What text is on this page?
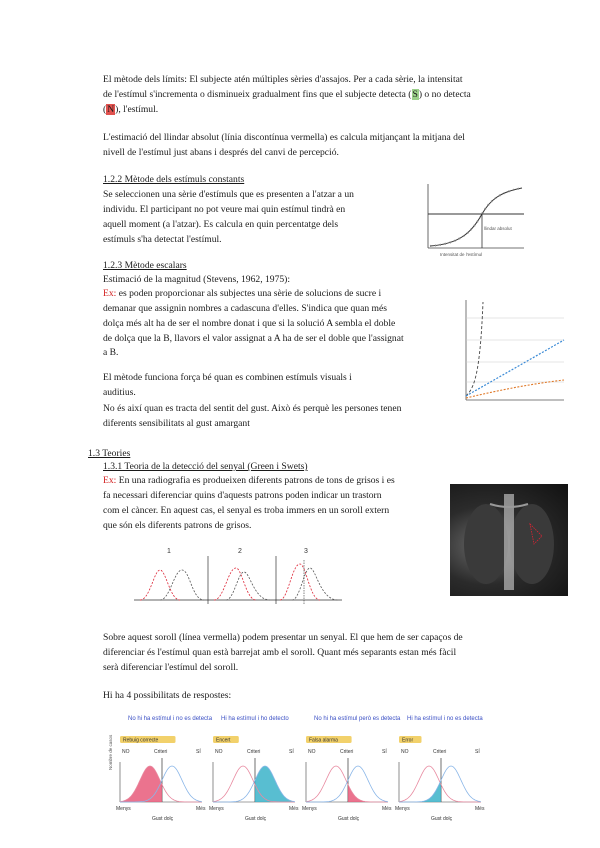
El mètode dels límits: El subjecte atén múltiples sèries d'assajos. Per a cada sèrie, la intensitat

de l'estímul s'incrementa o disminueix gradualment fins que el subjecte detecta (S) o no detecta

(N), l'estímul.

L'estimació del llindar absolut (línia discontínua vermella) es calcula mitjançant la mitjana del

nivell de l'estímul just abans i després del canvi de percepció.

1.2.2 Mètode dels estímuls constants

Se seleccionen una sèrie d'estímuls que es presenten a l'atzar a un

individu. El participant no pot veure mai quin estímul tindrà en

aquell moment (a l'atzar). Es calcula en quin percentatge dels

estímuls s'ha detectat l'estímul.

llindar absolut
Intensitat de l'estímul

1.2.3 Mètode escalars

Estimació de la magnitud (Stevens, 1962, 1975):

Ex: es poden proporcionar als subjectes una sèrie de solucions de sucre i

demanar que assignin nombres a cadascuna d'elles. S'indica que quan més

dolça més alt ha de ser el nombre donat i que si la solució A sembla el doble

de dolça que la B, llavors el valor assignat a A ha de ser el doble que l'assignat

a B.

El mètode funciona força bé quan es combinen estímuls visuals i

auditius.

No és així quan es tracta del sentit del gust. Això és perquè les persones tenen

diferents sensibilitats al gust amargant

1.3 Teories

1.3.1 Teoria de la detecció del senyal (Green i Swets)

Ex: En una radiografia es produeixen diferents patrons de tons de grisos i es

fa necessari diferenciar quins d'aquests patrons poden indicar un trastorn

com el càncer. En aquest cas, el senyal es troba immers en un soroll extern

que són els diferents patrons de grisos.

1	2	3

Sobre aquest soroll (línea vermella) podem presentar un senyal. El que hem de ser capaços de

diferenciar és l'estímul quan està barrejat amb el soroll. Quant més separants estan més fàcil

serà diferenciar l'estímul del soroll.

Hi ha 4 possibilitats de respostes:

No hi ha estímul i no es detecta
Rebuig correcte
NO	Criteri	SÍ
Menys	Més
Gust dolç
Hi ha estímul i ho detecto
Encert
NO	Criteri	SÍ
Menys	Més
Gust dolç
No hi ha estímul però es detecta
Falsa alarma
NO	Criteri	SÍ
Menys	Més
Gust dolç
Hi ha estímul i no es detecta
Error
NO	Criteri	SÍ
Menys	Més
Gust dolç
Nombre de casos
